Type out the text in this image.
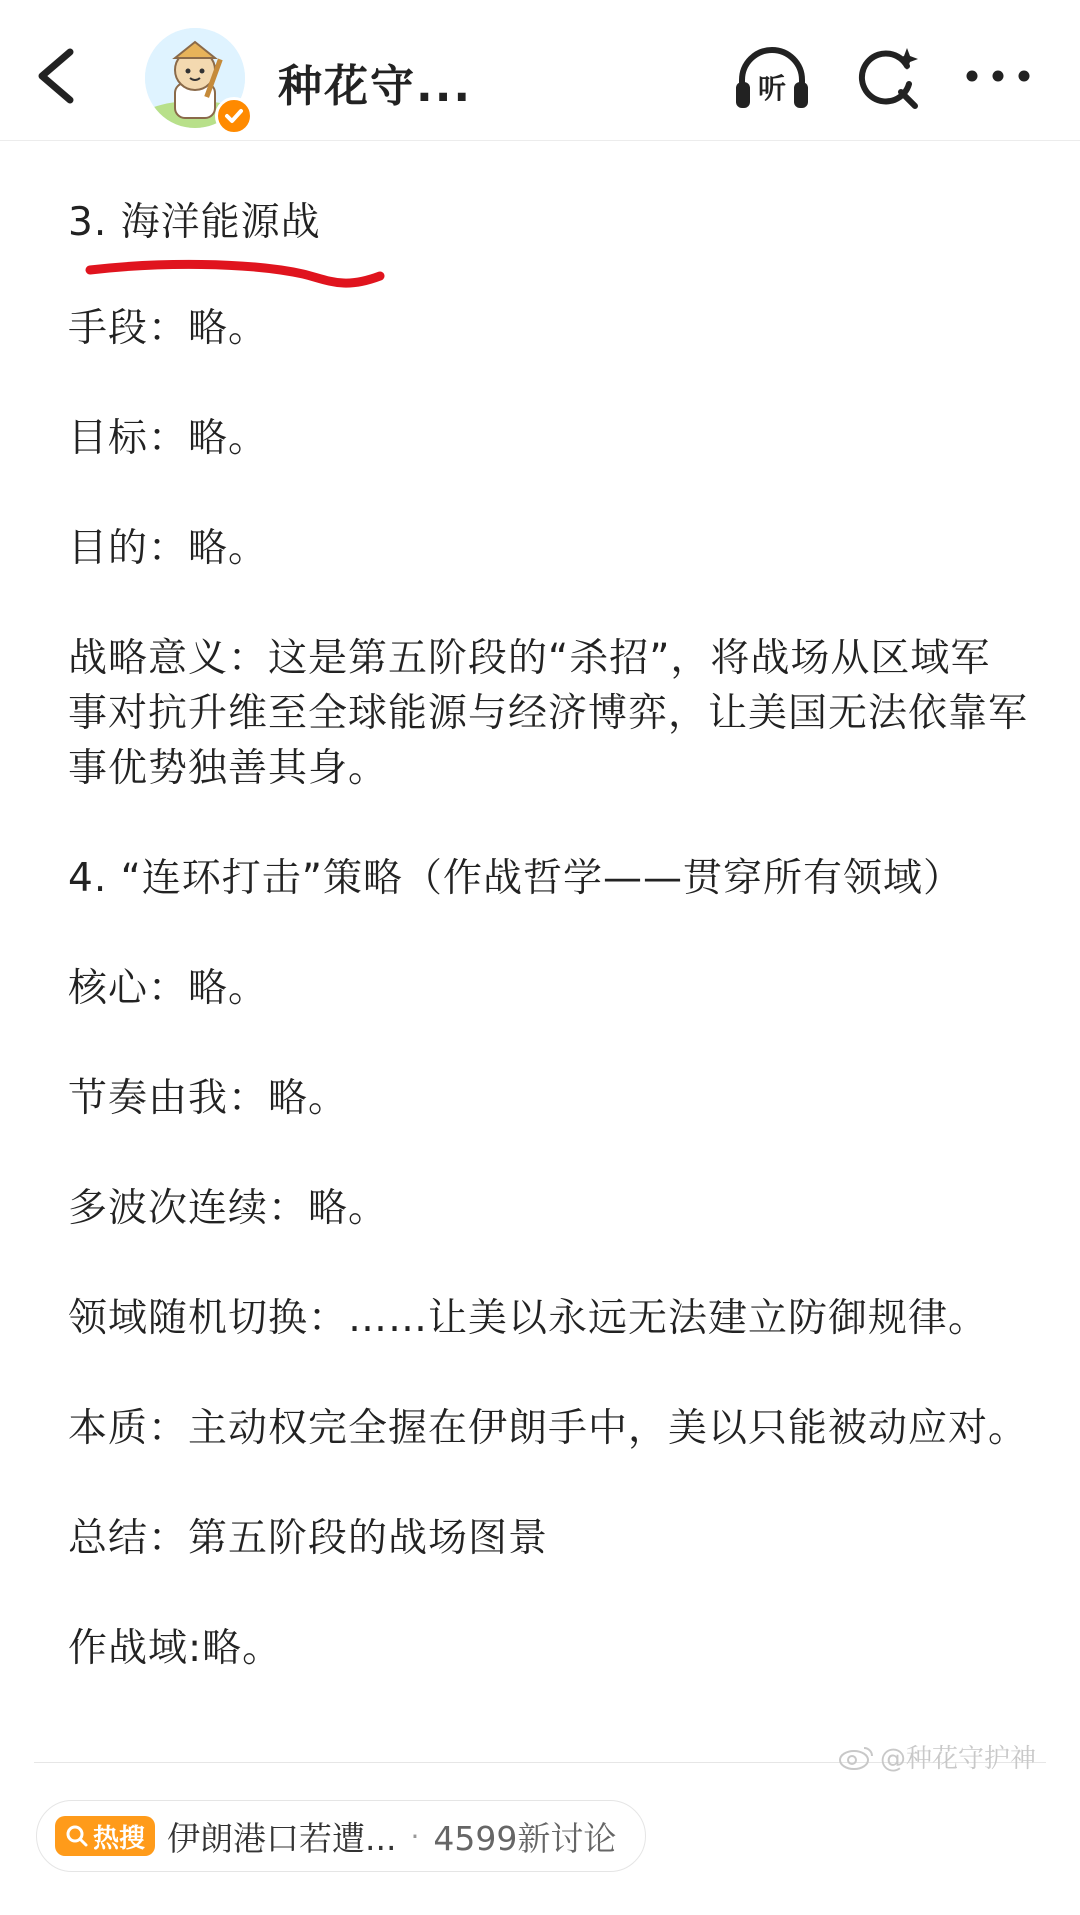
种花守...	听

3. 海洋能源战

手段：略。

目标：略。

目的：略。

战略意义：这是第五阶段的“杀招”，将战场从区域军事对抗升维至全球能源与经济博弈，让美国无法依靠军事优势独善其身。

4. “连环打击”策略（作战哲学——贯穿所有领域）

核心：略。

节奏由我：略。

多波次连续：略。

领域随机切换：……让美以永远无法建立防御规律。

本质：主动权完全握在伊朗手中，美以只能被动应对。

总结：第五阶段的战场图景

作战域:略。

@种花守护神
热搜 伊朗港口若遭... · 4599新讨论
